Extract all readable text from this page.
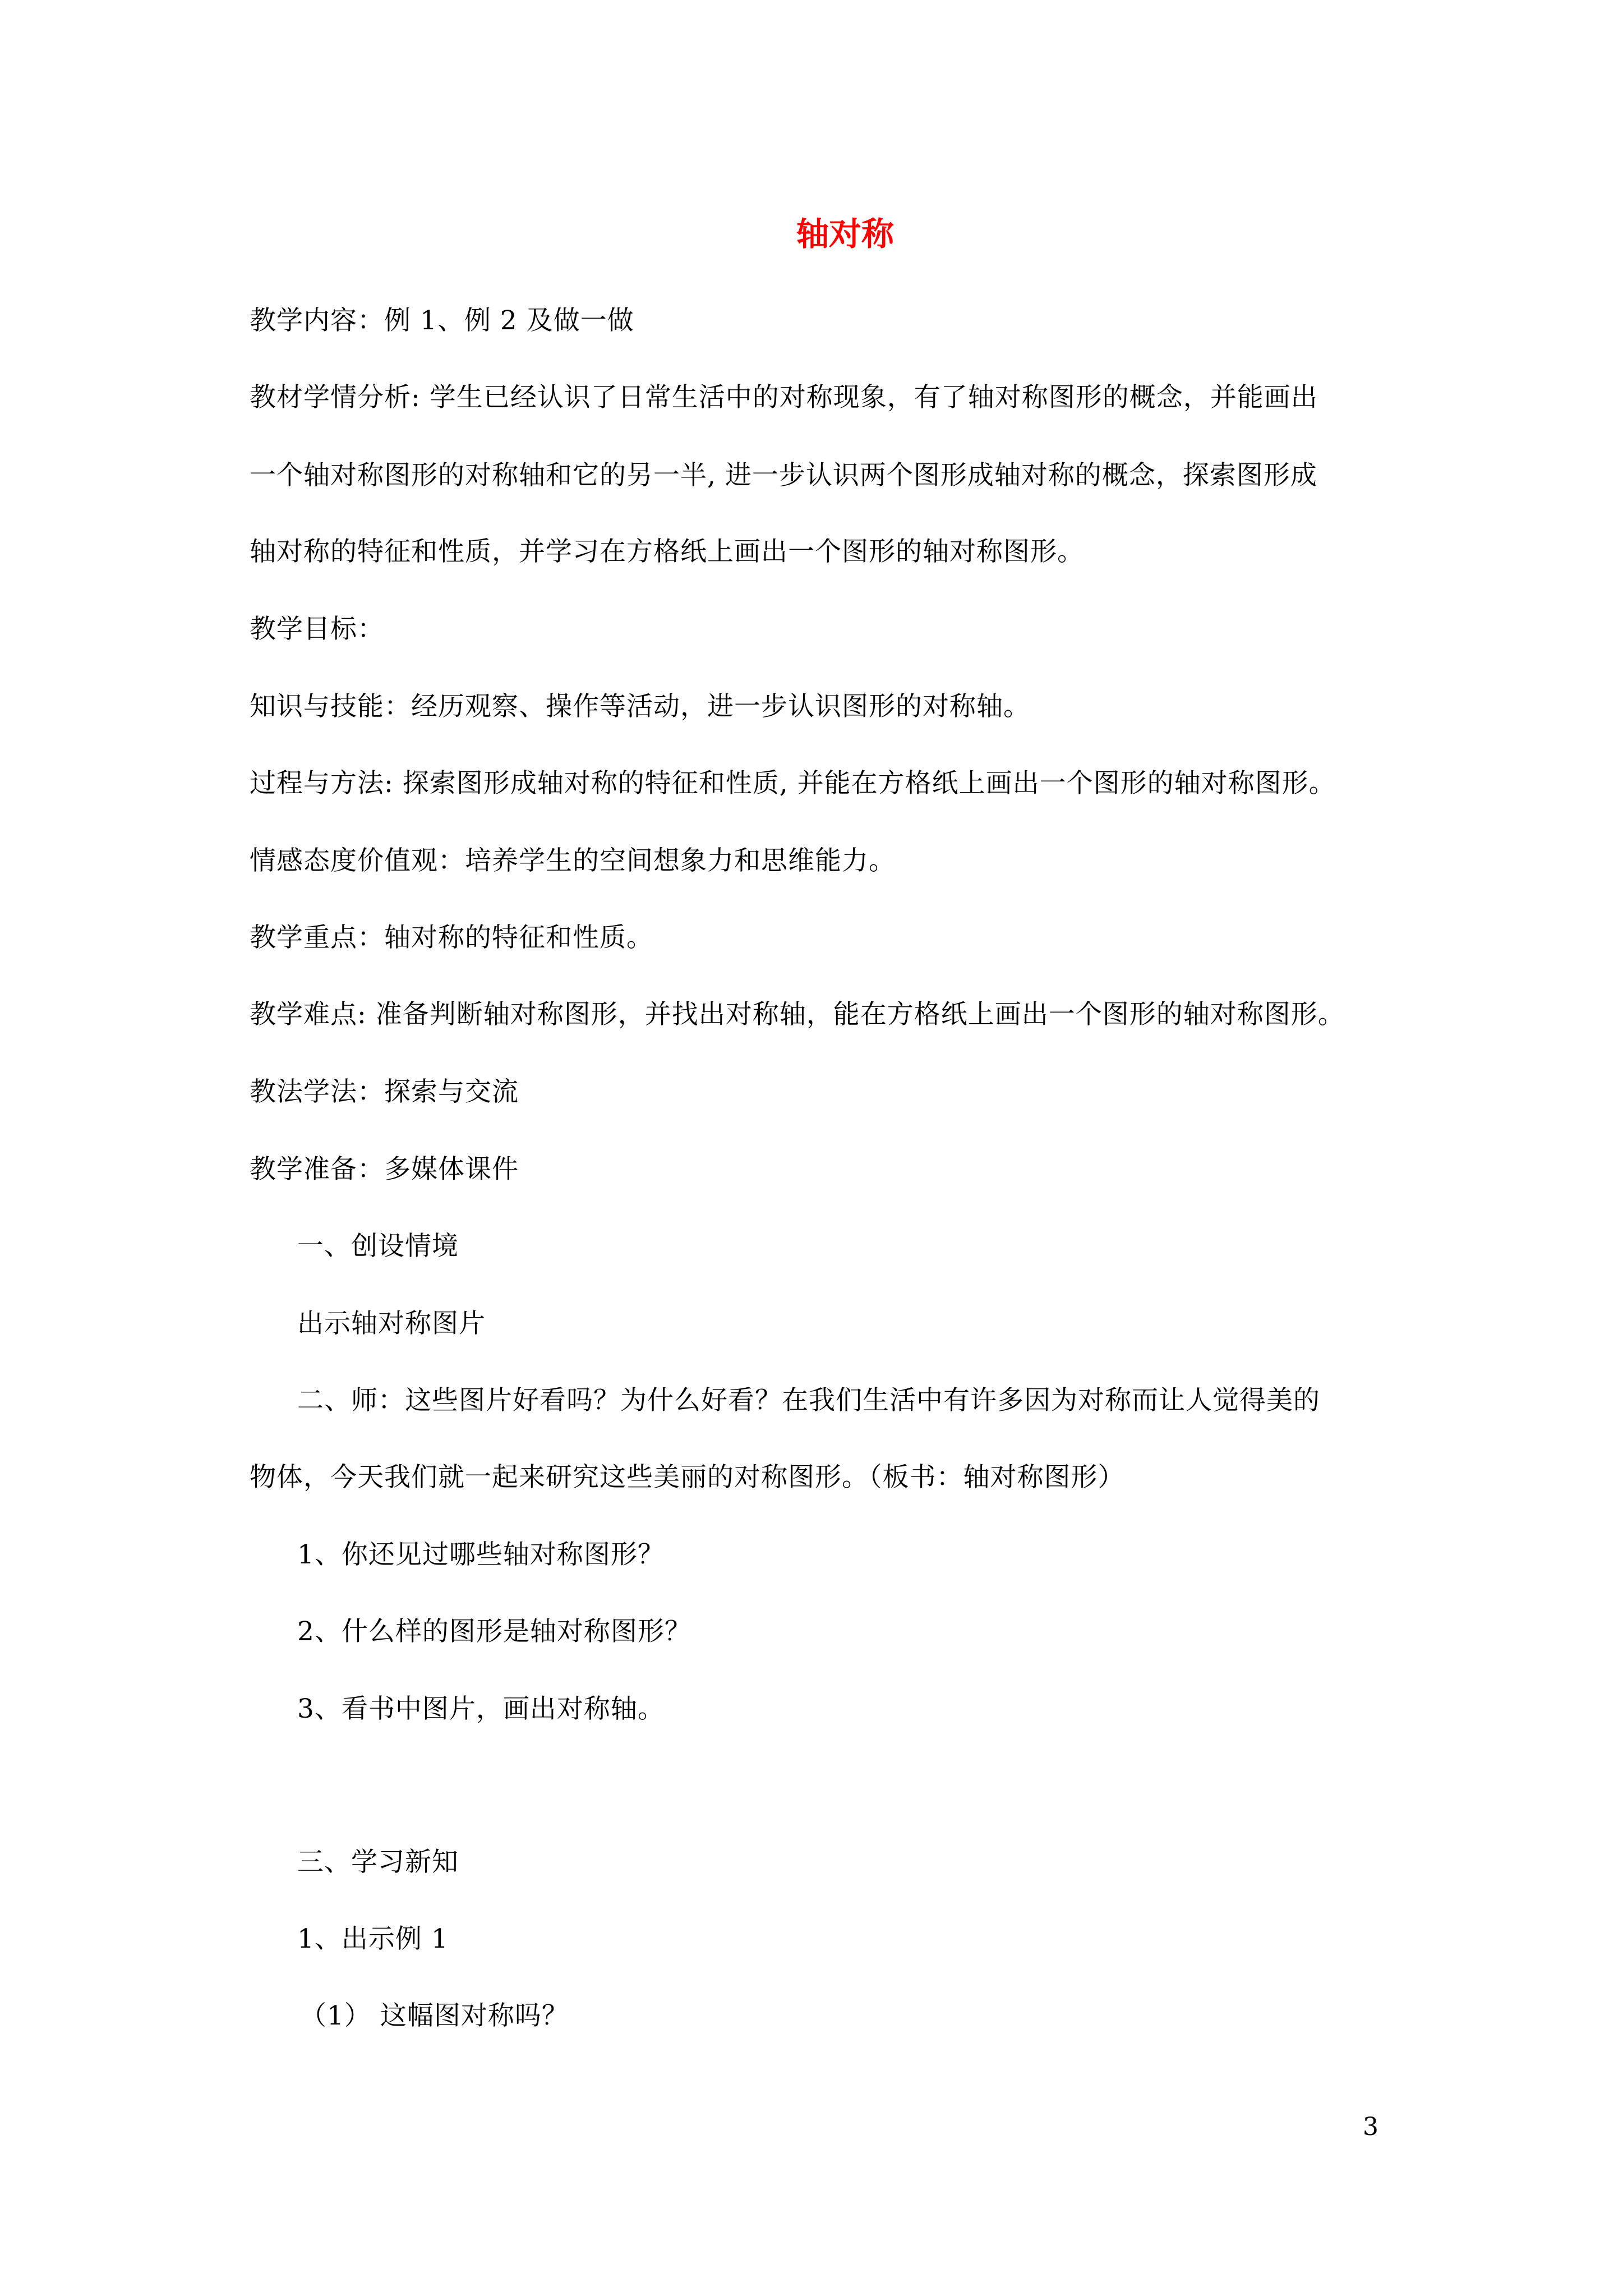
轴对称
教学内容：例 1、例 2 及做一做
教材学情分析: 学生已经认识了日常生活中的对称现象，有了轴对称图形的概念，并能画出
一个轴对称图形的对称轴和它的另一半, 进一步认识两个图形成轴对称的概念，探索图形成
轴对称的特征和性质，并学习在方格纸上画出一个图形的轴对称图形。
教学目标：
知识与技能：经历观察、操作等活动，进一步认识图形的对称轴。
过程与方法: 探索图形成轴对称的特征和性质, 并能在方格纸上画出一个图形的轴对称图形。
情感态度价值观：培养学生的空间想象力和思维能力。
教学重点：轴对称的特征和性质。
教学难点: 准备判断轴对称图形，并找出对称轴，能在方格纸上画出一个图形的轴对称图形。
教法学法：探索与交流
教学准备：多媒体课件
一、创设情境
出示轴对称图片
二、师：这些图片好看吗？为什么好看？在我们生活中有许多因为对称而让人觉得美的
物体，今天我们就一起来研究这些美丽的对称图形。（板书：轴对称图形）
1、你还见过哪些轴对称图形？
2、什么样的图形是轴对称图形？
3、看书中图片，画出对称轴。
三、学习新知
1、出示例 1
（1） 这幅图对称吗？
3
